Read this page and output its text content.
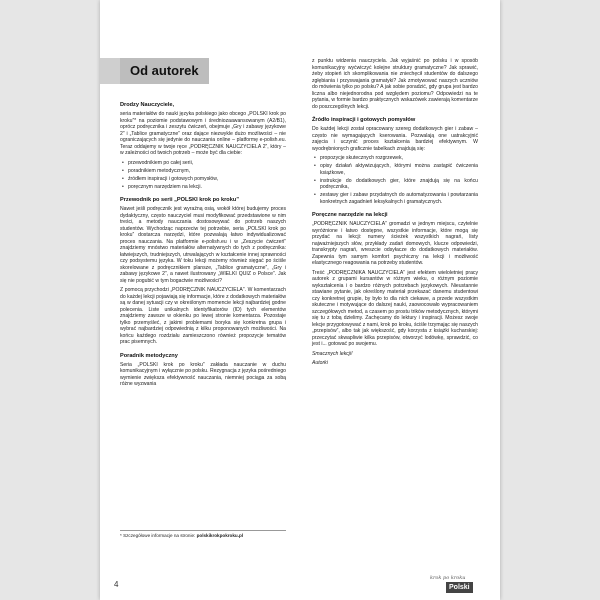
Od autorek
Drodzy Nauczyciele,

seria materiałów do nauki języka polskiego jako obcego „POLSKI krok po kroku”* na poziomie podstawowym i średniozaawansowanym (A2/B1), oprócz podręcznika i zeszytu ćwiczeń, obejmuje „Gry i zabawy językowe 2” i „Tablice gramatyczne” oraz dające niezwykle dużo możliwości – nie ograniczających się jedynie do nauczania online – platformę e-polish.eu. Teraz oddajemy w twoje ręce „PODRĘCZNIK NAUCZYCIELA 2”, który – w zależności od twoich potrzeb – może być dla ciebie:

• przewodnikiem po całej serii,
• poradnikiem metodycznym,
• źródłem inspiracji i gotowych pomysłów,
• poręcznym narzędziem na lekcji.
Przewodnik po serii „POLSKI krok po kroku”

Nawet jeśli podręcznik jest wyraźną osią, wokół której budujemy proces dydaktyczny, często nauczyciel musi modyfikować przedstawione w nim treści, a metody nauczania dostosowywać do potrzeb naszych studentów. Wychodząc naprzeciw tej potrzebie, seria „POLSKI krok po kroku” dostarcza narzędzi, które pozwalają łatwo indywidualizować proces nauczania. Na platformie e-polish.eu i w „Zeszycie ćwiczeń” znajdziemy mnóstwo materiałów alternatywnych do tych z podręcznika: łatwiejszych, trudniejszych, utrwalających w kształcenie innej sprawności czy podsystemu języka. W toku lekcji możemy również sięgać po ściśle skorelowane z podręcznikiem plansze, „Tablice gramatyczne”, „Gry i zabawy językowe 2”, a nawet ilustrowany „WIELKI QUIZ o Polsce”. Jak się nie pogubić w tym bogactwie możliwości?

Z pomocą przychodzi „PODRĘCZNIK NAUCZYCIELA”. W komentarzach do każdej lekcji pojawiają się informacje, które z dodatkowych materiałów są w danej sytuacji czy w określonym momencie lekcji najbardziej godne polecenia. Liste unikalnych identyfikatorów (ID) tych elementów znajdziemy zawsze w okienku po lewej stronie komentarza. Pozostaje tylko przemyśleć, z jakimi problemami boryka się konkretna grupa i wybrać najbardziej odpowiednią z kilku proponowanych możliwości. Na końcu każdego rozdziału zamieszczono również propozycje tematów prac pisemnych.

Poradnik metodyczny

Seria „POLSKI krok po kroku” zakłada nauczanie w duchu komunikacyjnym i wyłącznie po polsku. Rezygnacja z języka pośredniego wymienie zwiększa efektywność nauczania, niemniej pociąga za sobą różne wyzwania

* Szczegółowe informacje na stronie: polskikrokpokroku.pl

z punktu widzenia nauczyciela. Jak wyjaśnić po polsku i w sposób komunikacyjny wyćwiczyć kolejne struktury gramatyczne? Jak sprawić, żeby stopień ich skomplikowania nie zniechęcił studentów do dalszego zgłębiania i przyswajania gramatyki? Jak zmotywować naszych uczniów do mówienia tylko po polsku? A jak sobie poradzić, gdy grupa jest bardzo liczna albo niejednorodna pod względem poziomu? Odpowiedzi na te pytania, w formie bardzo praktycznych wskazówek zawierają komentarze do poszczególnych lekcji.

Źródło inspiracji i gotowych pomysłów

Do każdej lekcji został opracowany szereg dodatkowych gier i zabaw – często nie wymagających kserowania. Pozwalają one uatrakcyjnić zajęcia i uczynić proces kształcenia bardziej efektywnym. W wyodrębnionych graficznie tabelkach znajdują się:

• propozycje skutecznych rozgrzewek,
• opisy działań aktywizujących, którymi można zastąpić ćwiczenia książkowe,
• instrukcje do dodatkowych gier, które znajdują się na końcu podręcznika,
• zestawy gier i zabaw przydatnych do automatyzowania i powtarzania konkretnych zagadnień leksykalnych i gramatycznych.
Poręczne narzędzie na lekcji

„PODRĘCZNIK NAUCZYCIELA” gromadzi w jednym miejscu, czytelnie wyróżnione i łatwo dostępne, wszystkie informacje, które mogą się przydać na lekcji: numery ścieżek wszystkich nagrań, listy najważniejszych słów, przykłady zadań domowych, klucze odpowiedzi, transkrypty nagrań, wreszcie odsyłacze do dodatkowych materiałów. Zapewnia tym samym komfort psychiczny na lekcji i możliwość elastycznego reagowania na potrzeby studentów.

Treść „PODRĘCZNIKA NAUCZYCIELA” jest efektem wieloletniej pracy autorek z grupami kursantów w różnym wieku, o różnym poziomie wykształcenia i o bardzo różnych potrzebach językowych. Nieustannie stawiane pytanie, jak określony materiał przekazać danemu studentowi czy konkretnej grupie, by było to dla nich ciekawe, a przede wszystkim skuteczne i motywujące do dalszej nauki, zaowocowało wypracowaniem szczegółowych metod, a czasem po prostu trików metodycznych, którymi się tu z tobą dzielimy. Zachęcamy do lektury i inspiracji. Możesz swoje lekcje przygotowywać z nami, krok po kroku, ściśle trzymając się naszych „przepisów”, albo tak jak większość, gdy korzysta z książki kucharskiej: przeczytać skwapliwie kilka przepisów, otworzyć lodówkę, sprawdzić, co jest i... gotować po swojemu.

Smacznych lekcji!

Autorki

4
krok po kroku
Polski
